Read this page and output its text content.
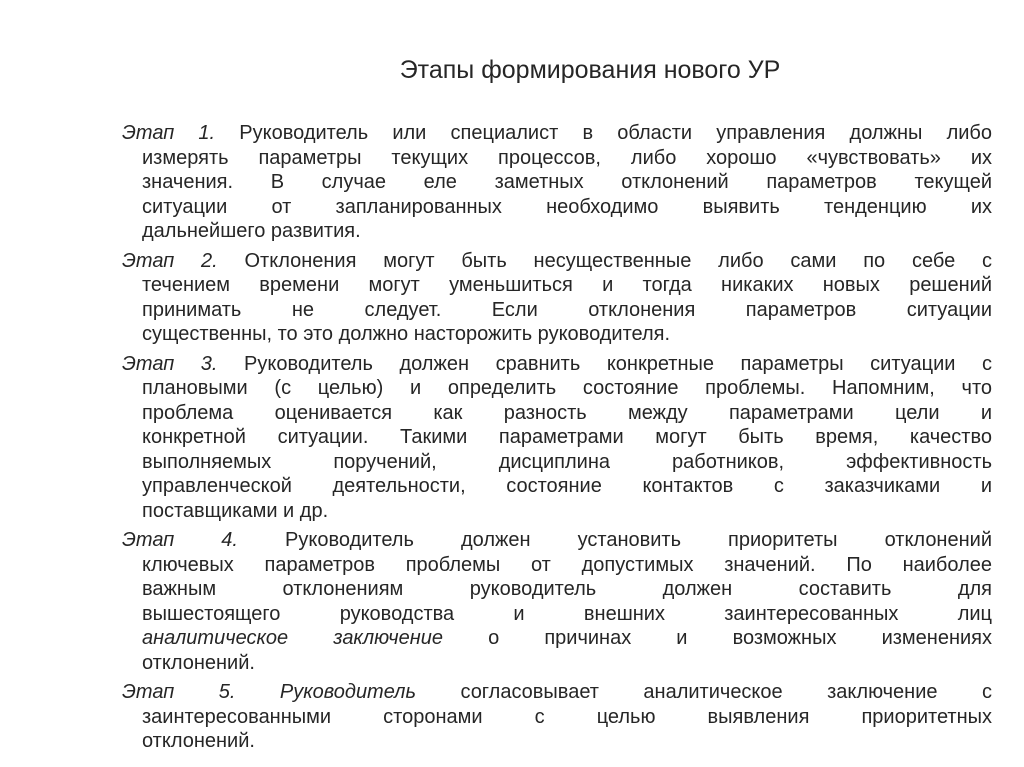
Этапы формирования нового УР
Этап 1. Руководитель или специалист в области управления должны либо
измерять параметры текущих процессов, либо хорошо «чувствовать» их
значения. В случае еле заметных отклонений параметров текущей
ситуации от запланированных необходимо выявить тенденцию их
дальнейшего развития.
Этап 2. Отклонения могут быть несущественные либо сами по себе с
течением времени могут уменьшиться и тогда никаких новых решений
принимать не следует. Если отклонения параметров ситуации
существенны, то это должно насторожить руководителя.
Этап 3. Руководитель должен сравнить конкретные параметры ситуации с
плановыми (с целью) и определить состояние проблемы. Напомним, что
проблема оценивается как разность между параметрами цели и
конкретной ситуации. Такими параметрами могут быть время, качество
выполняемых поручений, дисциплина работников, эффективность
управленческой деятельности, состояние контактов с заказчиками и
поставщиками и др.
Этап 4. Руководитель должен установить приоритеты отклонений
ключевых параметров проблемы от допустимых значений. По наиболее
важным отклонениям руководитель должен составить для
вышестоящего руководства и внешних заинтересованных лиц
аналитическое заключение о причинах и возможных изменениях
отклонений.
Этап 5. Руководитель согласовывает аналитическое заключение с
заинтересованными сторонами с целью выявления приоритетных
отклонений.
